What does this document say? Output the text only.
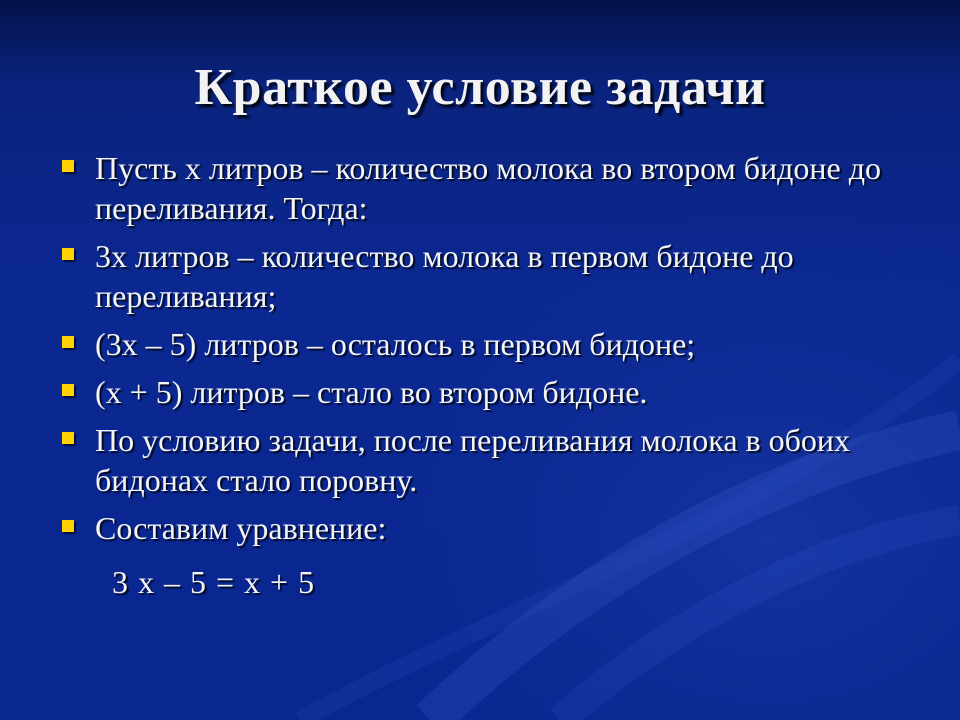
Краткое условие задачи
Пусть x литров – количество молока во втором бидоне до переливания. Тогда:
3x литров – количество молока в первом бидоне до переливания;
(3x – 5) литров – осталось в первом бидоне;
(x + 5) литров – стало во втором бидоне.
По условию задачи, после переливания молока в обоих бидонах стало поровну.
Составим уравнение:
3 x – 5 = x + 5
